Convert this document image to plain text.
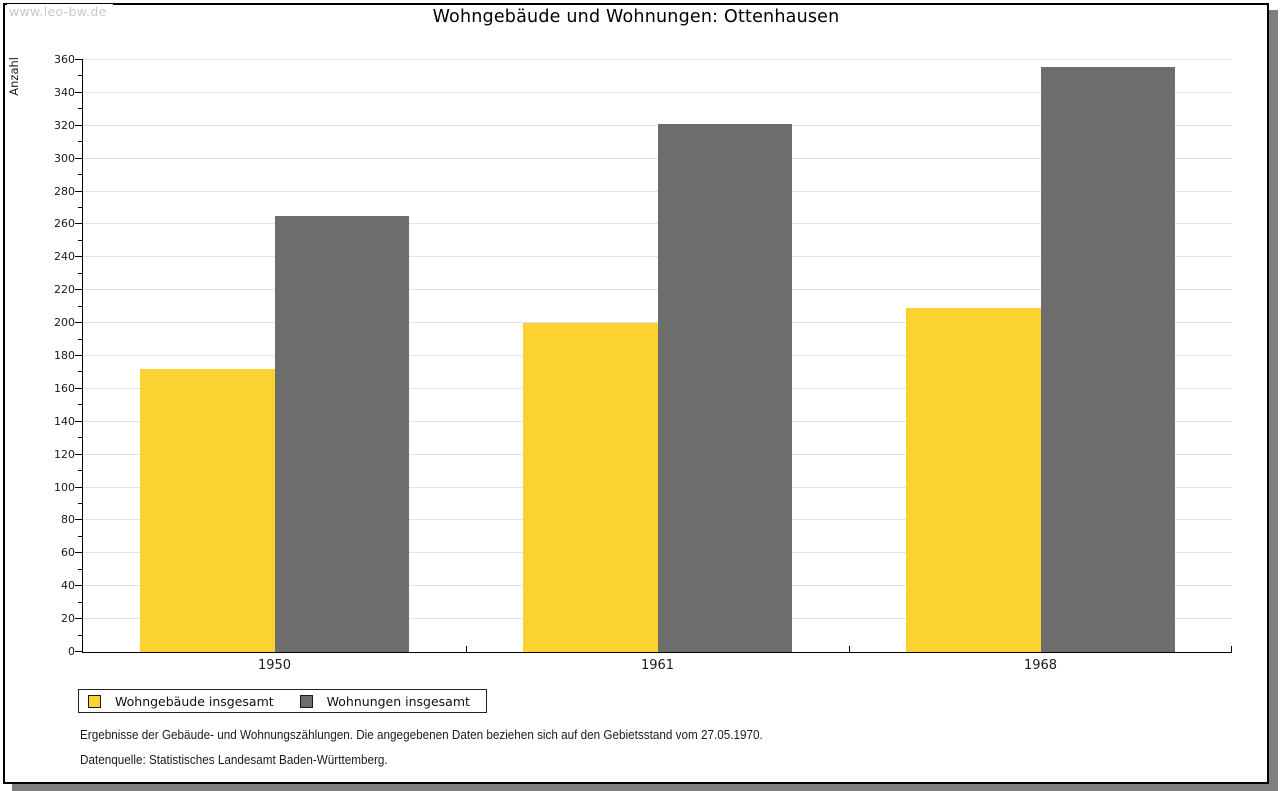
Wohngebäude und Wohnungen: Ottenhausen
Anzahl
0
20
40
60
80
100
120
140
160
180
200
220
240
260
280
300
320
340
360
1950	1961	1968
Wohngebäude insgesamt	Wohnungen insgesamt
Ergebnisse der Gebäude- und Wohnungszählungen. Die angegebenen Daten beziehen sich auf den Gebietsstand vom 27.05.1970.
Datenquelle: Statistisches Landesamt Baden-Württemberg.
www.leo-bw.de
